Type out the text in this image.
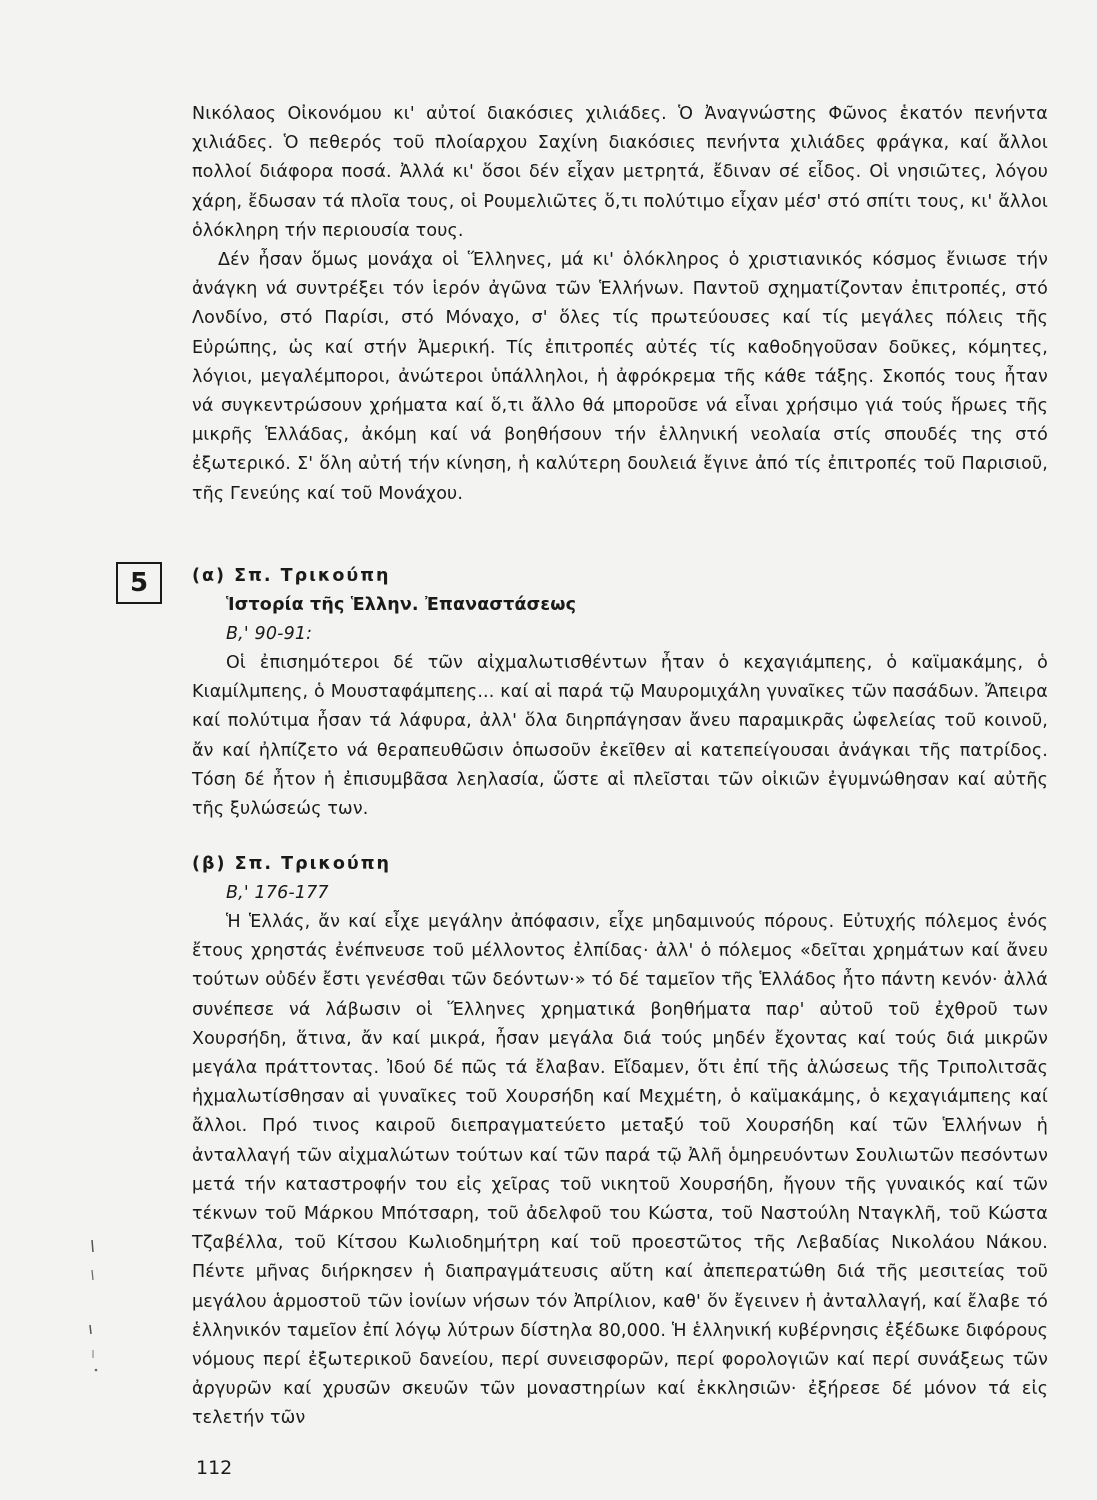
Νικόλαος Οἰκονόμου κι' αὐτοί διακόσιες χιλιάδες. Ὁ Ἀναγνώστης Φῶνος ἑκατόν πενήντα χιλιάδες. Ὁ πεθερός τοῦ πλοίαρχου Σαχίνη διακόσιες πενήντα χιλιάδες φράγκα, καί ἄλλοι πολλοί διάφορα ποσά. Ἀλλά κι' ὅσοι δέν εἶχαν μετρητά, ἔδιναν σέ εἶδος. Οἱ νησιῶτες, λόγου χάρη, ἔδωσαν τά πλοῖα τους, οἱ Ρουμελιῶτες ὅ,τι πολύτιμο εἶχαν μέσ' στό σπίτι τους, κι' ἄλλοι ὁλόκληρη τήν περιουσία τους.

Δέν ἦσαν ὅμως μονάχα οἱ Ἕλληνες, μά κι' ὁλόκληρος ὁ χριστιανικός κόσμος ἔνιωσε τήν ἀνάγκη νά συντρέξει τόν ἱερόν ἀγῶνα τῶν Ἑλλήνων. Παντοῦ σχηματίζονταν ἐπιτροπές, στό Λονδίνο, στό Παρίσι, στό Μόναχο, σ' ὅλες τίς πρωτεύουσες καί τίς μεγάλες πόλεις τῆς Εὐρώπης, ὡς καί στήν Ἀμερική. Τίς ἐπιτροπές αὐτές τίς καθοδηγοῦσαν δοῦκες, κόμητες, λόγιοι, μεγαλέμποροι, ἀνώτεροι ὑπάλληλοι, ἡ ἀφρόκρεμα τῆς κάθε τάξης. Σκοπός τους ἦταν νά συγκεντρώσουν χρήματα καί ὅ,τι ἄλλο θά μποροῦσε νά εἶναι χρήσιμο γιά τούς ἥρωες τῆς μικρῆς Ἑλλάδας, ἀκόμη καί νά βοηθήσουν τήν ἑλληνική νεολαία στίς σπουδές της στό ἐξωτερικό. Σ' ὅλη αὐτή τήν κίνηση, ἡ καλύτερη δουλειά ἔγινε ἀπό τίς ἐπιτροπές τοῦ Παρισιοῦ, τῆς Γενεύης καί τοῦ Μονάχου.

5	(α) Σπ. Τρικούπη

Ἱστορία τῆς Ἑλλην. Ἐπαναστάσεως

Β,' 90-91:

Οἱ ἐπισημότεροι δέ τῶν αἰχμαλωτισθέντων ἦταν ὁ κεχαγιάμπεης, ὁ καϊμακάμης, ὁ Κιαμίλμπεης, ὁ Μουσταφάμπεης... καί αἱ παρά τῷ Μαυρομιχάλη γυναῖκες τῶν πασάδων. Ἄπειρα καί πολύτιμα ἦσαν τά λάφυρα, ἀλλ' ὅλα διηρπάγησαν ἄνευ παραμικρᾶς ὠφελείας τοῦ κοινοῦ, ἄν καί ἠλπίζετο νά θεραπευθῶσιν ὁπωσοῦν ἐκεῖθεν αἱ κατεπείγουσαι ἀνάγκαι τῆς πατρίδος. Τόση δέ ἦτον ἡ ἐπισυμβᾶσα λεηλασία, ὥστε αἱ πλεῖσται τῶν οἰκιῶν ἐγυμνώθησαν καί αὐτῆς τῆς ξυλώσεώς των.

(β) Σπ. Τρικούπη

Β,' 176-177

Ἡ Ἑλλάς, ἄν καί εἶχε μεγάλην ἀπόφασιν, εἶχε μηδαμινούς πόρους. Εὐτυχής πόλεμος ἑνός ἔτους χρηστάς ἐνέπνευσε τοῦ μέλλοντος ἐλπίδας· ἀλλ' ὁ πόλεμος «δεῖται χρημάτων καί ἄνευ τούτων οὐδέν ἔστι γενέσθαι τῶν δεόντων·» τό δέ ταμεῖον τῆς Ἑλλάδος ἦτο πάντη κενόν· ἀλλά συνέπεσε νά λάβωσιν οἱ Ἕλληνες χρηματικά βοηθήματα παρ' αὐτοῦ τοῦ ἐχθροῦ των Χουρσήδη, ἅτινα, ἄν καί μικρά, ἦσαν μεγάλα διά τούς μηδέν ἔχοντας καί τούς διά μικρῶν μεγάλα πράττοντας. Ἰδού δέ πῶς τά ἔλαβαν. Εἴδαμεν, ὅτι ἐπί τῆς ἁλώσεως τῆς Τριπολιτσᾶς ἠχμαλωτίσθησαν αἱ γυναῖκες τοῦ Χουρσήδη καί Μεχμέτη, ὁ καϊμακάμης, ὁ κεχαγιάμπεης καί ἄλλοι. Πρό τινος καιροῦ διεπραγματεύετο μεταξύ τοῦ Χουρσήδη καί τῶν Ἑλλήνων ἡ ἀνταλλαγή τῶν αἰχμαλώτων τούτων καί τῶν παρά τῷ Ἀλῆ ὁμηρευόντων Σουλιωτῶν πεσόντων μετά τήν καταστροφήν του εἰς χεῖρας τοῦ νικητοῦ Χουρσήδη, ἤγουν τῆς γυναικός καί τῶν τέκνων τοῦ Μάρκου Μπότσαρη, τοῦ ἀδελφοῦ του Κώστα, τοῦ Ναστούλη Νταγκλῆ, τοῦ Κώστα Τζαβέλλα, τοῦ Κίτσου Κωλιοδημήτρη καί τοῦ προεστῶτος τῆς Λεβαδίας Νικολάου Νάκου. Πέντε μῆνας διήρκησεν ἡ διαπραγμάτευσις αὕτη καί ἀπεπερατώθη διά τῆς μεσιτείας τοῦ μεγάλου ἁρμοστοῦ τῶν ἰονίων νήσων τόν Ἀπρίλιον, καθ' ὅν ἔγεινεν ἡ ἀνταλλαγή, καί ἔλαβε τό ἑλληνικόν ταμεῖον ἐπί λόγῳ λύτρων δίστηλα 80,000. Ἡ ἑλληνική κυβέρνησις ἐξέδωκε διφόρους νόμους περί ἐξωτερικοῦ δανείου, περί συνεισφορῶν, περί φορολογιῶν καί περί συνάξεως τῶν ἀργυρῶν καί χρυσῶν σκευῶν τῶν μοναστηρίων καί ἐκκλησιῶν· ἐξήρεσε δέ μόνον τά εἰς τελετήν τῶν

112
